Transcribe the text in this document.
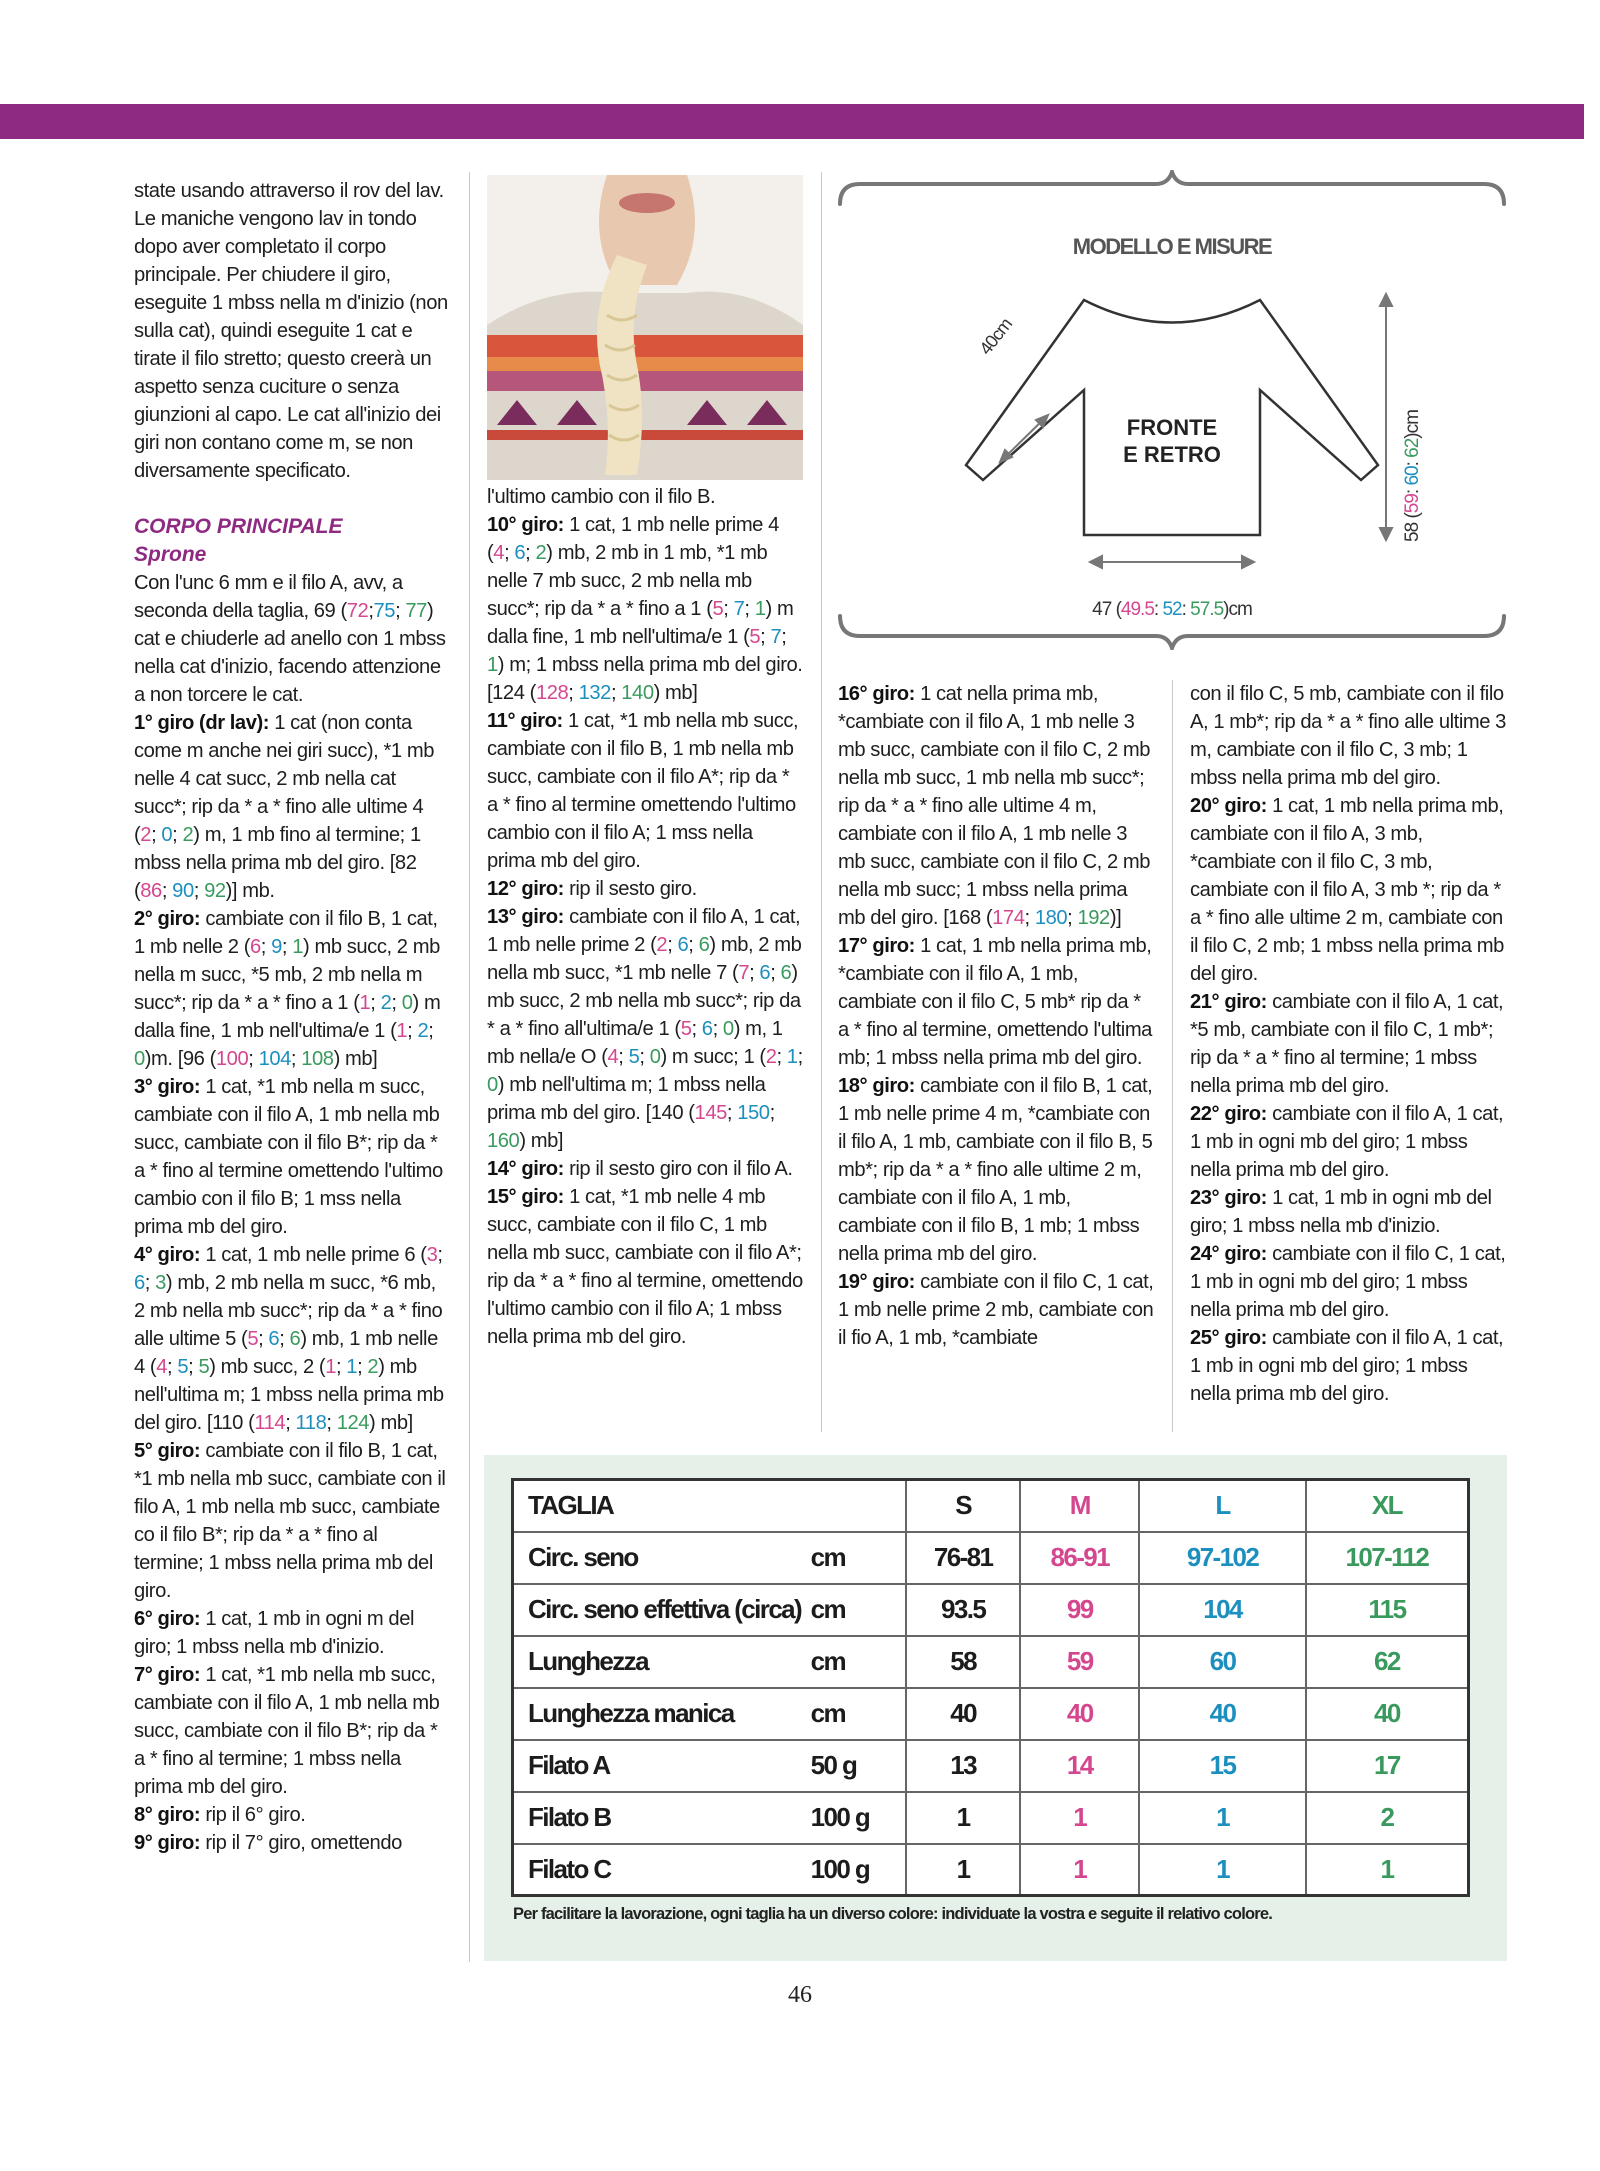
state usando attraverso il rov del lav.

Le maniche vengono lav in tondo dopo aver completato il corpo principale. Per chiudere il giro, eseguite 1 mbss nella m d'inizio (non sulla cat), quindi eseguite 1 cat e tirate il filo stretto; questo creerà un aspetto senza cuciture o senza giunzioni al capo. Le cat all'inizio dei giri non contano come m, se non diversamente specificato.

CORPO PRINCIPALE

Sprone

Con l'unc 6 mm e il filo A, avv, a seconda della taglia, 69 (72;75; 77) cat e chiuderle ad anello con 1 mbss nella cat d'inizio, facendo attenzione a non torcere le cat.

1° giro (dr lav): 1 cat (non conta come m anche nei giri succ), *1 mb nelle 4 cat succ, 2 mb nella cat succ*; rip da * a * fino alle ultime 4 (2; 0; 2) m, 1 mb fino al termine; 1 mbss nella prima mb del giro. [82 (86; 90; 92)] mb.

2° giro: cambiate con il filo B, 1 cat, 1 mb nelle 2 (6; 9; 1) mb succ, 2 mb nella m succ, *5 mb, 2 mb nella m succ*; rip da * a * fino a 1 (1; 2; 0) m dalla fine, 1 mb nell'ultima/e 1 (1; 2; 0)m. [96 (100; 104; 108) mb]

3° giro: 1 cat, *1 mb nella m succ, cambiate con il filo A, 1 mb nella mb succ, cambiate con il filo B*; rip da * a * fino al termine omettendo l'ultimo cambio con il filo B; 1 mss nella prima mb del giro.

4° giro: 1 cat, 1 mb nelle prime 6 (3; 6; 3) mb, 2 mb nella m succ, *6 mb, 2 mb nella mb succ*; rip da * a * fino alle ultime 5 (5; 6; 6) mb, 1 mb nelle 4 (4; 5; 5) mb succ, 2 (1; 1; 2) mb nell'ultima m; 1 mbss nella prima mb del giro. [110 (114; 118; 124) mb]

5° giro: cambiate con il filo B, 1 cat, *1 mb nella mb succ, cambiate con il filo A, 1 mb nella mb succ, cambiate co il filo B*; rip da * a * fino al termine; 1 mbss nella prima mb del giro.

6° giro: 1 cat, 1 mb in ogni m del giro; 1 mbss nella mb d'inizio.

7° giro: 1 cat, *1 mb nella mb succ, cambiate con il filo A, 1 mb nella mb succ, cambiate con il filo B*; rip da * a * fino al termine; 1 mbss nella prima mb del giro.

8° giro: rip il 6° giro.

9° giro: rip il 7° giro, omettendo

l'ultimo cambio con il filo B.

10° giro: 1 cat, 1 mb nelle prime 4 (4; 6; 2) mb, 2 mb in 1 mb, *1 mb nelle 7 mb succ, 2 mb nella mb succ*; rip da * a * fino a 1 (5; 7; 1) m dalla fine, 1 mb nell'ultima/e 1 (5; 7; 1) m; 1 mbss nella prima mb del giro. [124 (128; 132; 140) mb]

11° giro: 1 cat, *1 mb nella mb succ, cambiate con il filo B, 1 mb nella mb succ, cambiate con il filo A*; rip da * a * fino al termine omettendo l'ultimo cambio con il filo A; 1 mss nella prima mb del giro.

12° giro: rip il sesto giro.

13° giro: cambiate con il filo A, 1 cat, 1 mb nelle prime 2 (2; 6; 6) mb, 2 mb nella mb succ, *1 mb nelle 7 (7; 6; 6) mb succ, 2 mb nella mb succ*; rip da * a * fino all'ultima/e 1 (5; 6; 0) m, 1 mb nella/e O (4; 5; 0) m succ; 1 (2; 1; 0) mb nell'ultima m; 1 mbss nella prima mb del giro. [140 (145; 150; 160) mb]

14° giro: rip il sesto giro con il filo A.

15° giro: 1 cat, *1 mb nelle 4 mb succ, cambiate con il filo C, 1 mb nella mb succ, cambiate con il filo A*; rip da * a * fino al termine, omettendo l'ultimo cambio con il filo A; 1 mbss nella prima mb del giro.

MODELLO E MISURE
FRONTE
E RETRO
40cm
47 (49.5: 52: 57.5)cm
58 (59: 60: 62)cm

16° giro: 1 cat nella prima mb, *cambiate con il filo A, 1 mb nelle 3 mb succ, cambiate con il filo C, 2 mb nella mb succ, 1 mb nella mb succ*; rip da * a * fino alle ultime 4 m, cambiate con il filo A, 1 mb nelle 3 mb succ, cambiate con il filo C, 2 mb nella mb succ; 1 mbss nella prima mb del giro. [168 (174; 180; 192)]

17° giro: 1 cat, 1 mb nella prima mb, *cambiate con il filo A, 1 mb, cambiate con il filo C, 5 mb* rip da * a * fino al termine, omettendo l'ultima mb; 1 mbss nella prima mb del giro.

18° giro: cambiate con il filo B, 1 cat, 1 mb nelle prime 4 m, *cambiate con il filo A, 1 mb, cambiate con il filo B, 5 mb*; rip da * a * fino alle ultime 2 m, cambiate con il filo A, 1 mb, cambiate con il filo B, 1 mb; 1 mbss nella prima mb del giro.

19° giro: cambiate con il filo C, 1 cat, 1 mb nelle prime 2 mb, cambiate con il fio A, 1 mb, *cambiate

con il filo C, 5 mb, cambiate con il filo A, 1 mb*; rip da * a * fino alle ultime 3 m, cambiate con il filo C, 3 mb; 1 mbss nella prima mb del giro.

20° giro: 1 cat, 1 mb nella prima mb, cambiate con il filo A, 3 mb, *cambiate con il filo C, 3 mb, cambiate con il filo A, 3 mb *; rip da * a * fino alle ultime 2 m, cambiate con il filo C, 2 mb; 1 mbss nella prima mb del giro.

21° giro: cambiate con il filo A, 1 cat, *5 mb, cambiate con il filo C, 1 mb*; rip da * a * fino al termine; 1 mbss nella prima mb del giro.

22° giro: cambiate con il filo A, 1 cat, 1 mb in ogni mb del giro; 1 mbss nella prima mb del giro.

23° giro: 1 cat, 1 mb in ogni mb del giro; 1 mbss nella mb d'inizio.

24° giro: cambiate con il filo C, 1 cat, 1 mb in ogni mb del giro; 1 mbss nella prima mb del giro.

25° giro: cambiate con il filo A, 1 cat, 1 mb in ogni mb del giro; 1 mbss nella prima mb del giro.

TAGLIA		S	M	L	XL
Circ. seno	cm	76-81	86-91	97-102	107-112
Circ. seno effettiva (circa)	cm	93.5	99	104	115
Lunghezza	cm	58	59	60	62
Lunghezza manica	cm	40	40	40	40
Filato A	50 g	13	14	15	17
Filato B	100 g	1	1	1	2
Filato C	100 g	1	1	1	1
Per facilitare la lavorazione, ogni taglia ha un diverso colore: individuate la vostra e seguite il relativo colore.
46
